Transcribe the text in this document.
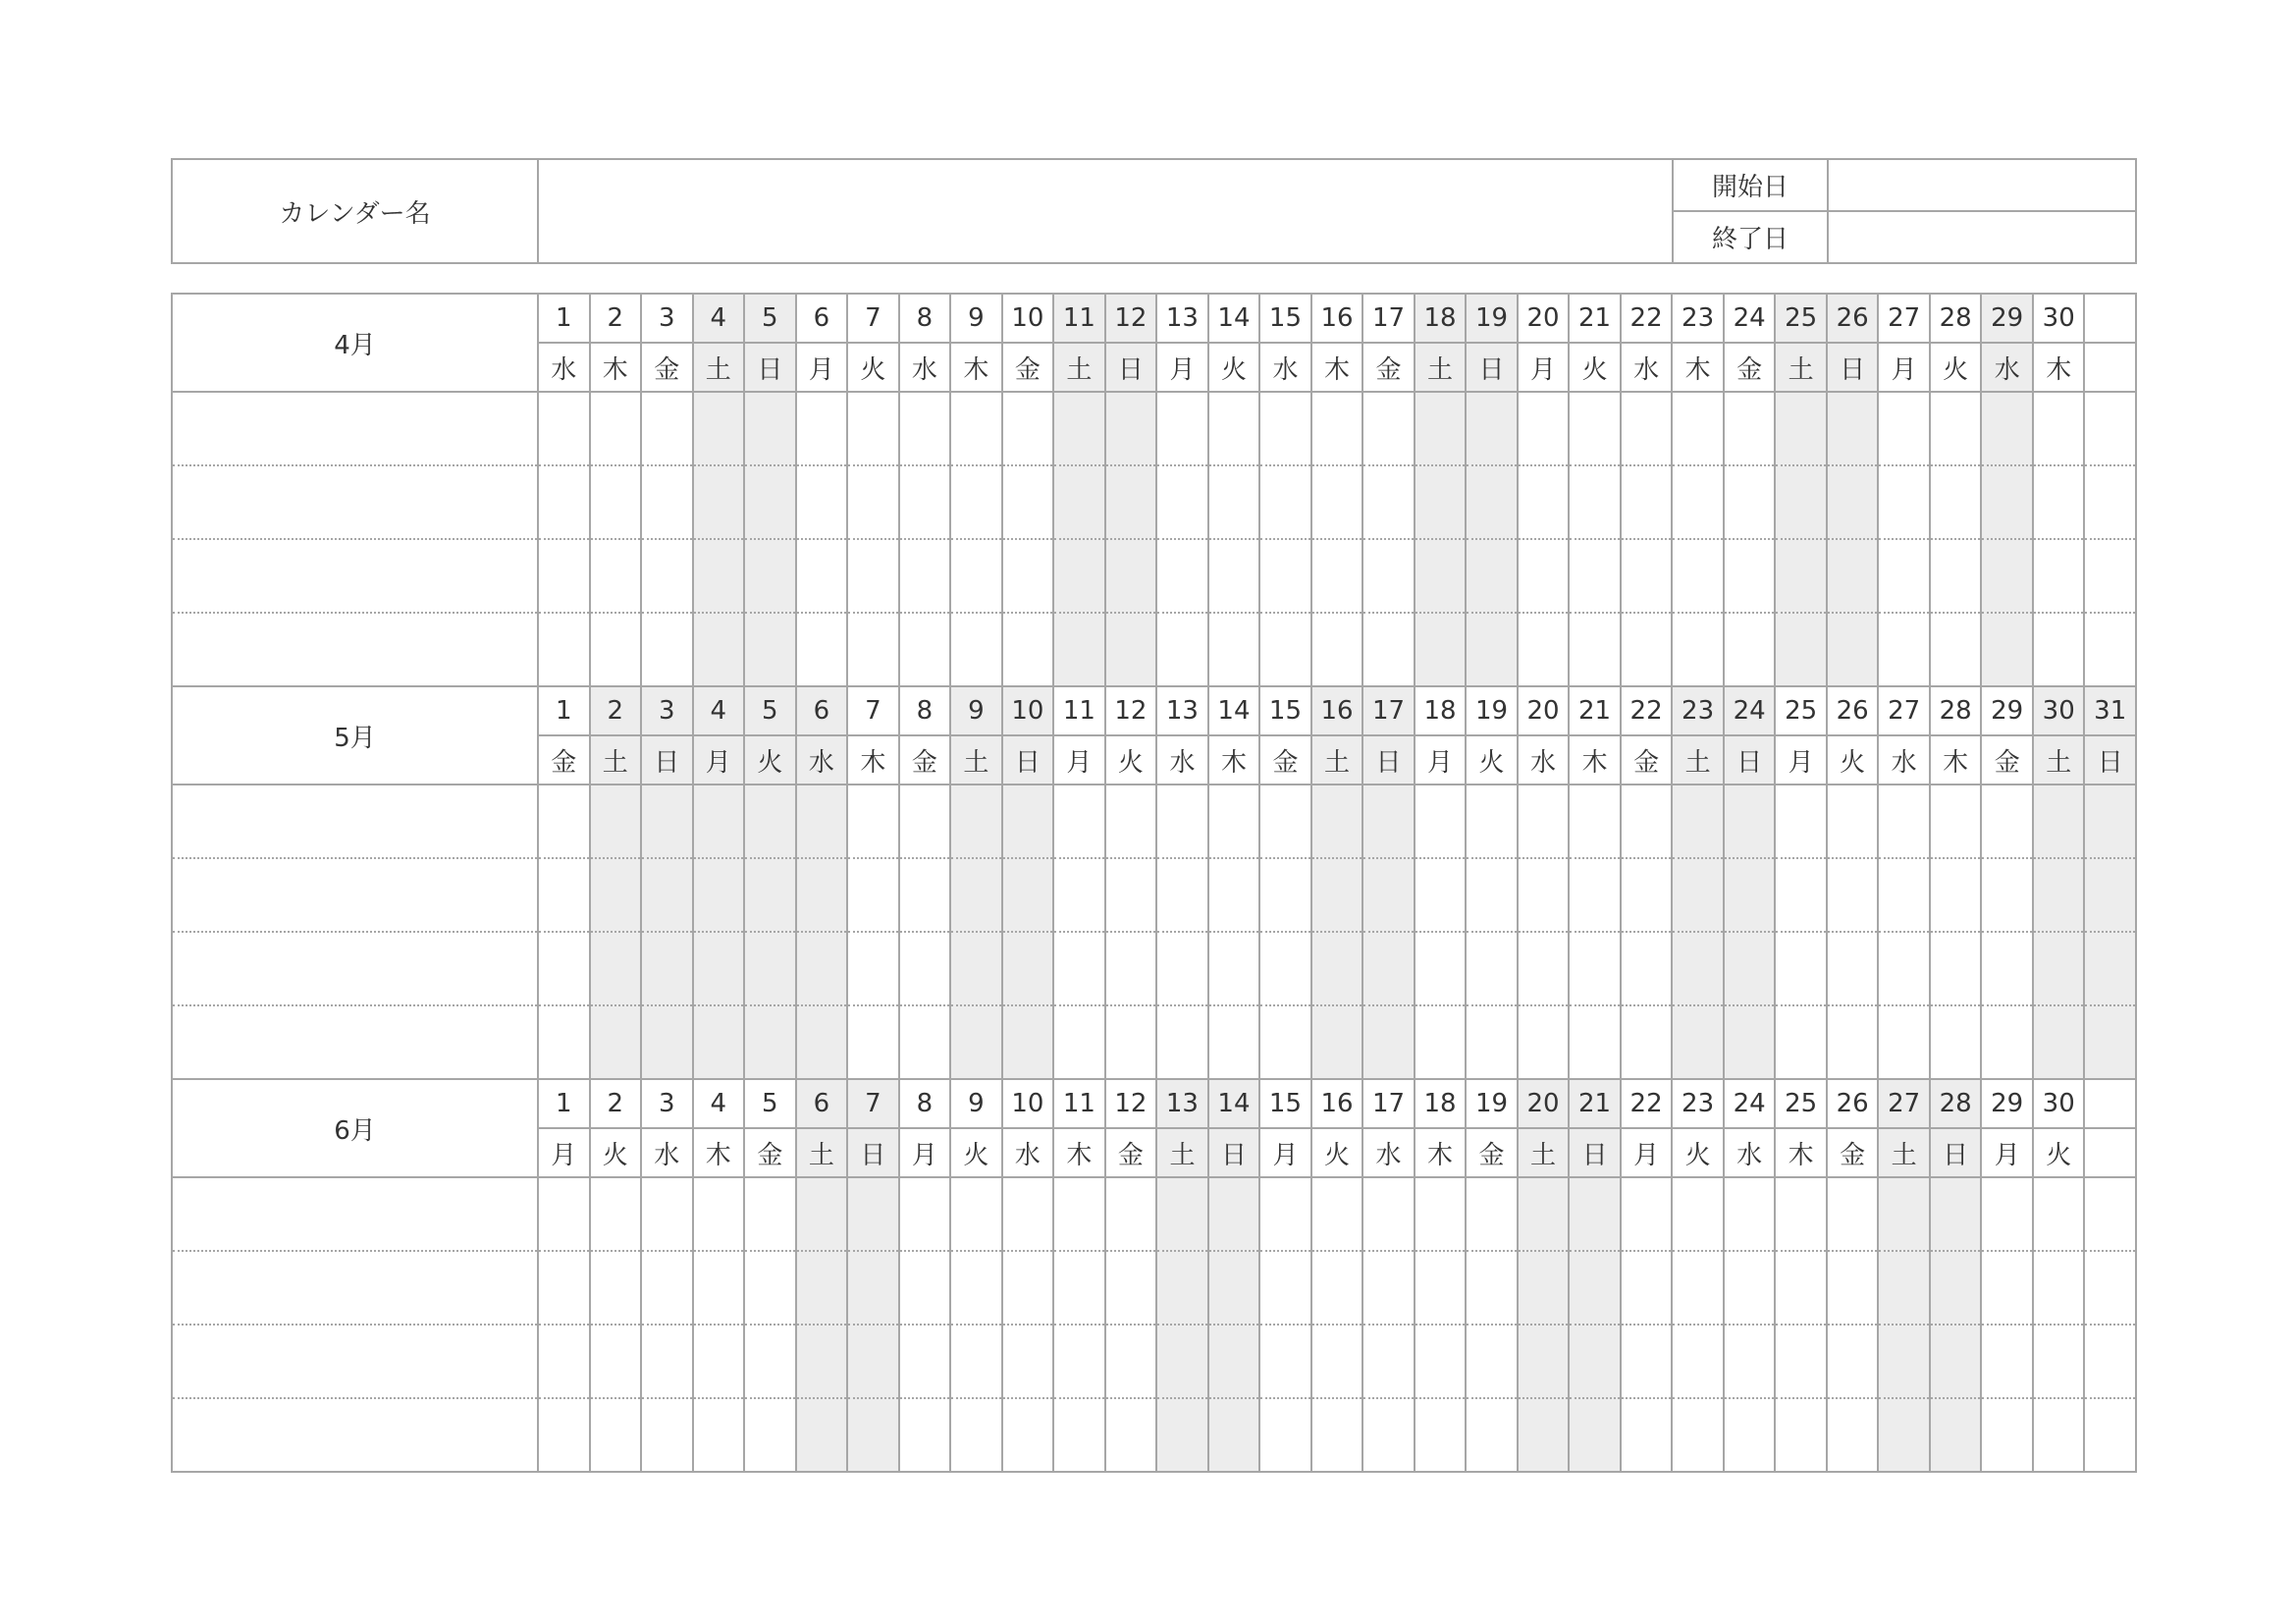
カレンダー名		開始日	
		終了日	
4月	1	2	3	4	5	6	7	8	9	10	11	12	13	14	15	16	17	18	19	20	21	22	23	24	25	26	27	28	29	30	
	水	木	金	土	日	月	火	水	木	金	土	日	月	火	水	木	金	土	日	月	火	水	木	金	土	日	月	火	水	木	

5月	1	2	3	4	5	6	7	8	9	10	11	12	13	14	15	16	17	18	19	20	21	22	23	24	25	26	27	28	29	30	31
	金	土	日	月	火	水	木	金	土	日	月	火	水	木	金	土	日	月	火	水	木	金	土	日	月	火	水	木	金	土	日

6月	1	2	3	4	5	6	7	8	9	10	11	12	13	14	15	16	17	18	19	20	21	22	23	24	25	26	27	28	29	30	
	月	火	水	木	金	土	日	月	火	水	木	金	土	日	月	火	水	木	金	土	日	月	火	水	木	金	土	日	月	火	
